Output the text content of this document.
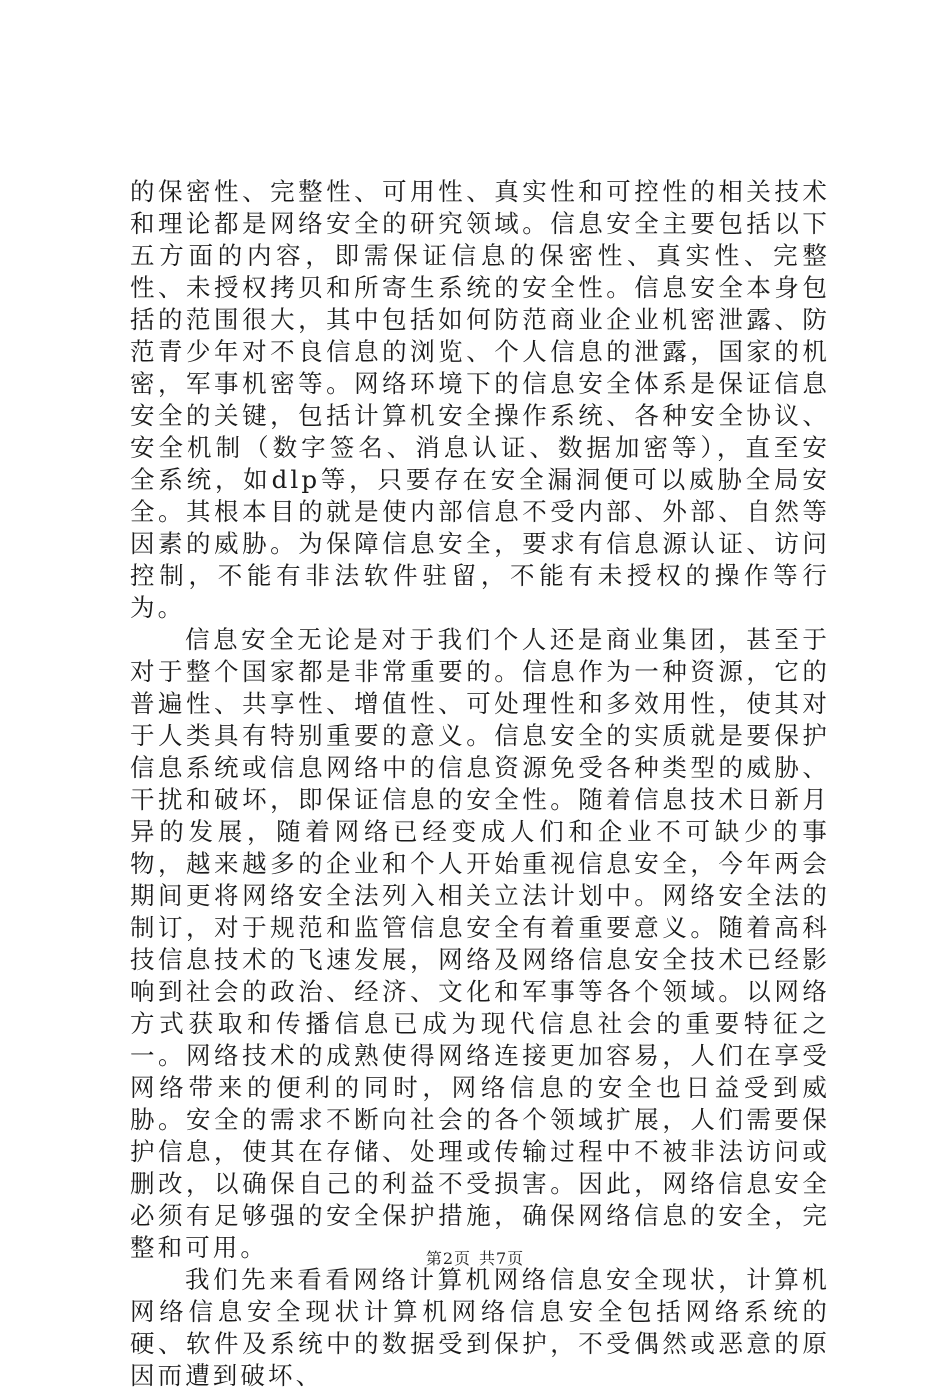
的保密性、完整性、可用性、真实性和可控性的相关技术和理论都是网络安全的研究领域。信息安全主要包括以下五方面的内容，即需保证信息的保密性、真实性、完整性、未授权拷贝和所寄生系统的安全性。信息安全本身包括的范围很大，其中包括如何防范商业企业机密泄露、防范青少年对不良信息的浏览、个人信息的泄露，国家的机密，军事机密等。网络环境下的信息安全体系是保证信息安全的关键，包括计算机安全操作系统、各种安全协议、安全机制（数字签名、消息认证、数据加密等），直至安全系统，如dlp等，只要存在安全漏洞便可以威胁全局安全。其根本目的就是使内部信息不受内部、外部、自然等因素的威胁。为保障信息安全，要求有信息源认证、访问控制，不能有非法软件驻留，不能有未授权的操作等行为。

信息安全无论是对于我们个人还是商业集团，甚至于对于整个国家都是非常重要的。信息作为一种资源，它的普遍性、共享性、增值性、可处理性和多效用性，使其对于人类具有特别重要的意义。信息安全的实质就是要保护信息系统或信息网络中的信息资源免受各种类型的威胁、干扰和破坏，即保证信息的安全性。随着信息技术日新月异的发展，随着网络已经变成人们和企业不可缺少的事物，越来越多的企业和个人开始重视信息安全，今年两会期间更将网络安全法列入相关立法计划中。网络安全法的制订，对于规范和监管信息安全有着重要意义。随着高科技信息技术的飞速发展，网络及网络信息安全技术已经影响到社会的政治、经济、文化和军事等各个领域。以网络方式获取和传播信息已成为现代信息社会的重要特征之一。网络技术的成熟使得网络连接更加容易，人们在享受网络带来的便利的同时，网络信息的安全也日益受到威胁。安全的需求不断向社会的各个领域扩展，人们需要保护信息，使其在存储、处理或传输过程中不被非法访问或删改，以确保自己的利益不受损害。因此，网络信息安全必须有足够强的安全保护措施，确保网络信息的安全，完整和可用。

我们先来看看网络计算机网络信息安全现状，计算机网络信息安全现状计算机网络信息安全包括网络系统的硬、软件及系统中的数据受到保护，不受偶然或恶意的原因而遭到破坏、

第2页 共7页
